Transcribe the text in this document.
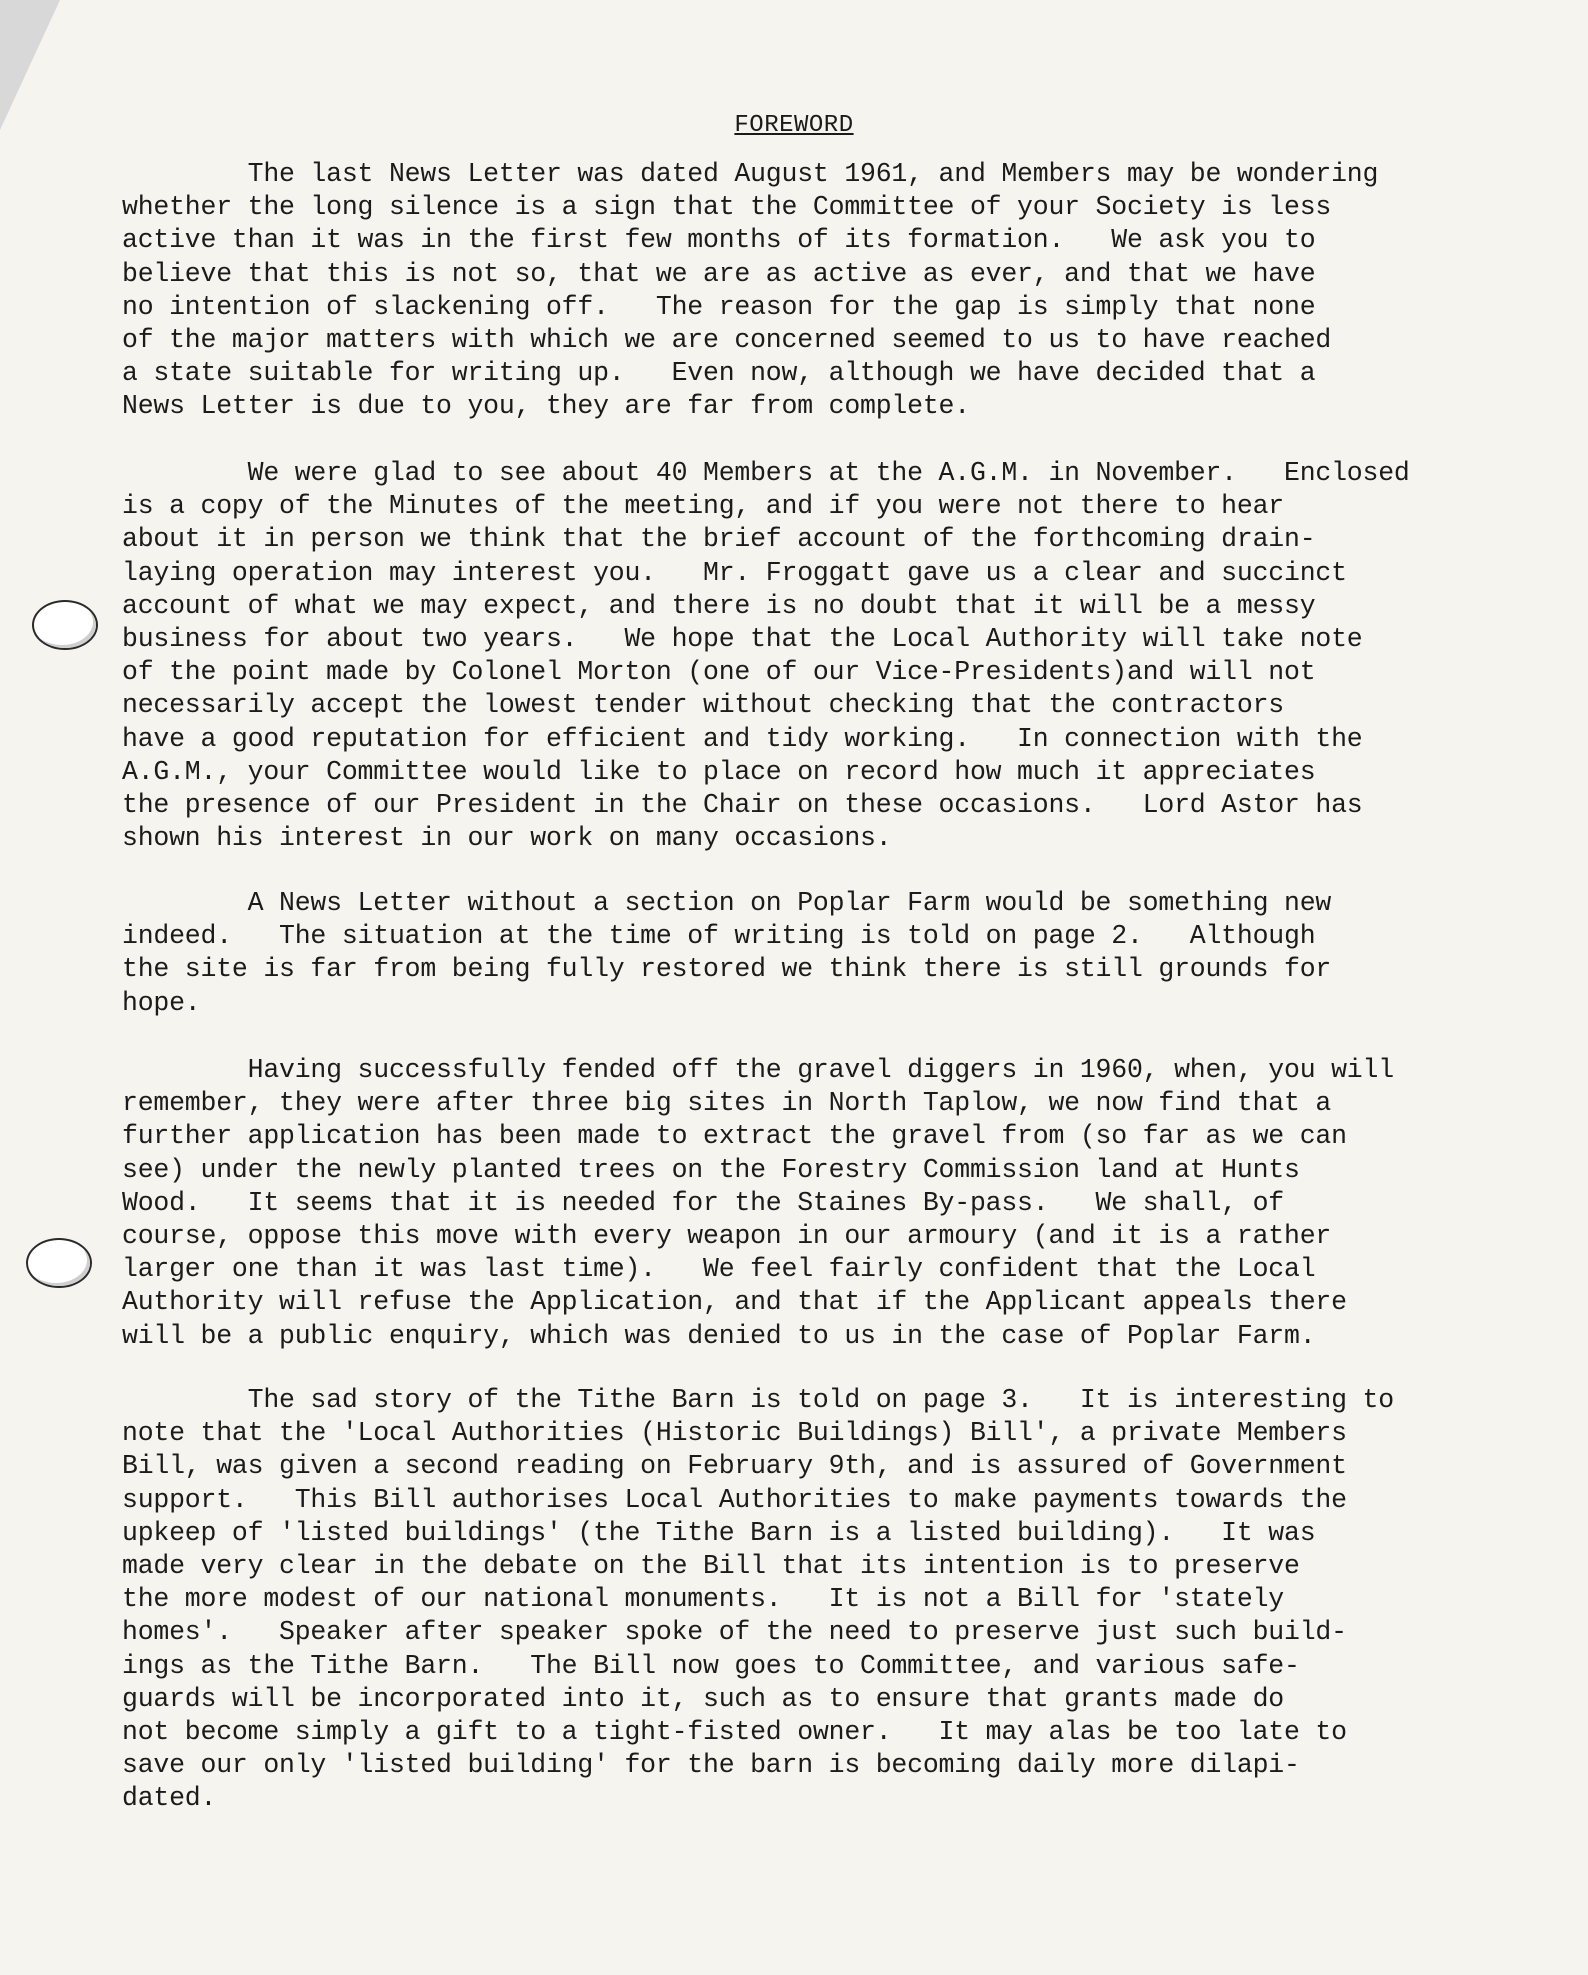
FOREWORD

The last News Letter was dated August 1961, and Members may be wondering
whether the long silence is a sign that the Committee of your Society is less
active than it was in the first few months of its formation.   We ask you to
believe that this is not so, that we are as active as ever, and that we have
no intention of slackening off.   The reason for the gap is simply that none
of the major matters with which we are concerned seemed to us to have reached
a state suitable for writing up.   Even now, although we have decided that a
News Letter is due to you, they are far from complete.

We were glad to see about 40 Members at the A.G.M. in November.   Enclosed
is a copy of the Minutes of the meeting, and if you were not there to hear
about it in person we think that the brief account of the forthcoming drain-
laying operation may interest you.   Mr. Froggatt gave us a clear and succinct
account of what we may expect, and there is no doubt that it will be a messy
business for about two years.   We hope that the Local Authority will take note
of the point made by Colonel Morton (one of our Vice-Presidents)and will not
necessarily accept the lowest tender without checking that the contractors
have a good reputation for efficient and tidy working.   In connection with the
A.G.M., your Committee would like to place on record how much it appreciates
the presence of our President in the Chair on these occasions.   Lord Astor has
shown his interest in our work on many occasions.

A News Letter without a section on Poplar Farm would be something new
indeed.   The situation at the time of writing is told on page 2.   Although
the site is far from being fully restored we think there is still grounds for
hope.

Having successfully fended off the gravel diggers in 1960, when, you will
remember, they were after three big sites in North Taplow, we now find that a
further application has been made to extract the gravel from (so far as we can
see) under the newly planted trees on the Forestry Commission land at Hunts
Wood.   It seems that it is needed for the Staines By-pass.   We shall, of
course, oppose this move with every weapon in our armoury (and it is a rather
larger one than it was last time).   We feel fairly confident that the Local
Authority will refuse the Application, and that if the Applicant appeals there
will be a public enquiry, which was denied to us in the case of Poplar Farm.

The sad story of the Tithe Barn is told on page 3.   It is interesting to
note that the 'Local Authorities (Historic Buildings) Bill', a private Members
Bill, was given a second reading on February 9th, and is assured of Government
support.   This Bill authorises Local Authorities to make payments towards the
upkeep of 'listed buildings' (the Tithe Barn is a listed building).   It was
made very clear in the debate on the Bill that its intention is to preserve
the more modest of our national monuments.   It is not a Bill for 'stately
homes'.   Speaker after speaker spoke of the need to preserve just such build-
ings as the Tithe Barn.   The Bill now goes to Committee, and various safe-
guards will be incorporated into it, such as to ensure that grants made do
not become simply a gift to a tight-fisted owner.   It may alas be too late to
save our only 'listed building' for the barn is becoming daily more dilapi-
dated.
